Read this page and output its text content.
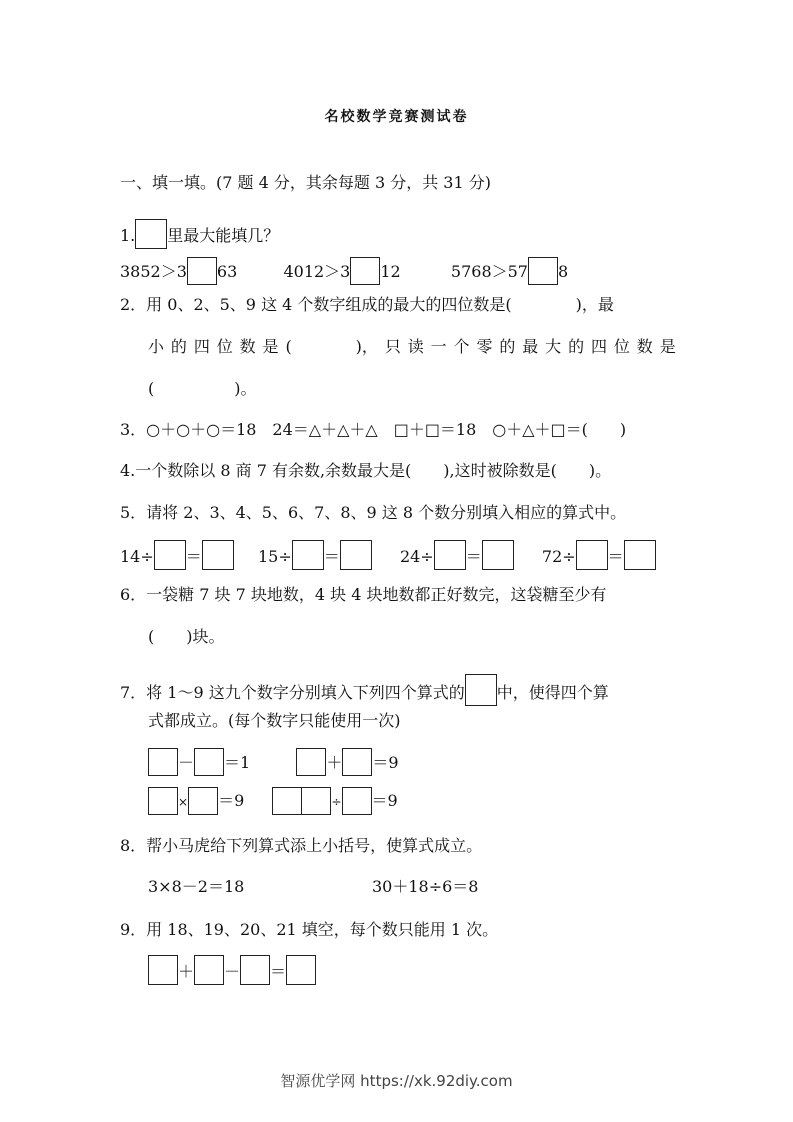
名校数学竞赛测试卷
一、填一填。(7 题 4 分，其余每题 3 分，共 31 分)
1. 里最大能填几？
3852＞3 63	4012＞3 12	5768＞57 8
2．用 0、2、5、9 这 4 个数字组成的最大的四位数是(　　　　)，最
小 的 四 位 数 是 (　　　　)， 只 读 一 个 零 的 最 大 的 四 位 数 是
(　　　　　)。
3．○＋○＋○＝18　24＝△＋△＋△　□＋□＝18　○＋△＋□＝(　　)
4.一个数除以 8 商 7 有余数,余数最大是(　　),这时被除数是(　　)。
5．请将 2、3、4、5、6、7、8、9 这 8 个数分别填入相应的算式中。
14÷ ＝	15÷ ＝	24÷ ＝	72÷ ＝
6．一袋糖 7 块 7 块地数，4 块 4 块地数都正好数完，这袋糖至少有
(　　)块。
7．将 1～9 这九个数字分别填入下列四个算式的 中，使得四个算
式都成立。(每个数字只能使用一次)
－ ＝1	＋ ＝9
× ＝9	÷ ＝9
8．帮小马虎给下列算式添上小括号，使算式成立。
3×8－2＝18	30＋18÷6＝8
9．用 18、19、20、21 填空，每个数只能用 1 次。
＋ － ＝
智源优学网 https://xk.92diy.com
